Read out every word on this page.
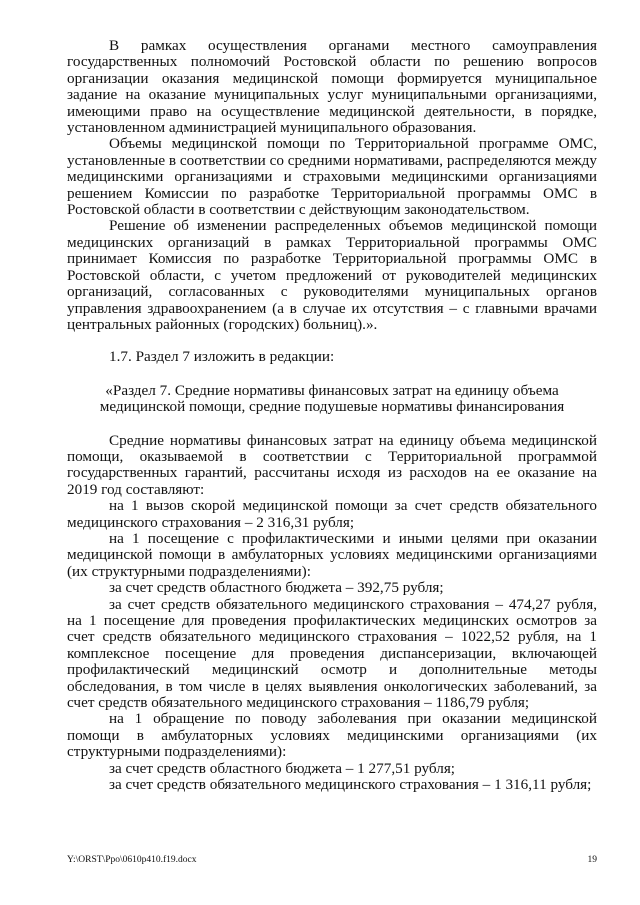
В рамках осуществления органами местного самоуправления государственных полномочий Ростовской области по решению вопросов организации оказания медицинской помощи формируется муниципальное задание на оказание муниципальных услуг муниципальными организациями, имеющими право на осуществление медицинской деятельности, в порядке, установленном администрацией муниципального образования.

Объемы медицинской помощи по Территориальной программе ОМС, установленные в соответствии со средними нормативами, распределяются между медицинскими организациями и страховыми медицинскими организациями решением Комиссии по разработке Территориальной программы ОМС в Ростовской области в соответствии с действующим законодательством.

Решение об изменении распределенных объемов медицинской помощи медицинских организаций в рамках Территориальной программы ОМС принимает Комиссия по разработке Территориальной программы ОМС в Ростовской области, с учетом предложений от руководителей медицинских организаций, согласованных с руководителями муниципальных органов управления здравоохранением (а в случае их отсутствия – с главными врачами центральных районных (городских) больниц).».

1.7. Раздел 7 изложить в редакции:

«Раздел 7. Средние нормативы финансовых затрат на единицу объема

медицинской помощи, средние подушевые нормативы финансирования

Средние нормативы финансовых затрат на единицу объема медицинской помощи, оказываемой в соответствии с Территориальной программой государственных гарантий, рассчитаны исходя из расходов на ее оказание на 2019 год составляют:

на 1 вызов скорой медицинской помощи за счет средств обязательного медицинского страхования – 2 316,31 рубля;

на 1 посещение с профилактическими и иными целями при оказании медицинской помощи в амбулаторных условиях медицинскими организациями (их структурными подразделениями):

за счет средств областного бюджета – 392,75 рубля;

за счет средств обязательного медицинского страхования – 474,27 рубля, на 1 посещение для проведения профилактических медицинских осмотров за счет средств обязательного медицинского страхования – 1022,52 рубля, на 1 комплексное посещение для проведения диспансеризации, включающей профилактический медицинский осмотр и дополнительные методы обследования, в том числе в целях выявления онкологических заболеваний, за счет средств обязательного медицинского страхования – 1186,79 рубля;

на 1 обращение по поводу заболевания при оказании медицинской помощи в амбулаторных условиях медицинскими организациями (их структурными подразделениями):

за счет средств областного бюджета – 1 277,51 рубля;

за счет средств обязательного медицинского страхования – 1 316,11 рубля;

Y:\ORST\Ppo\0610p410.f19.docx	19
